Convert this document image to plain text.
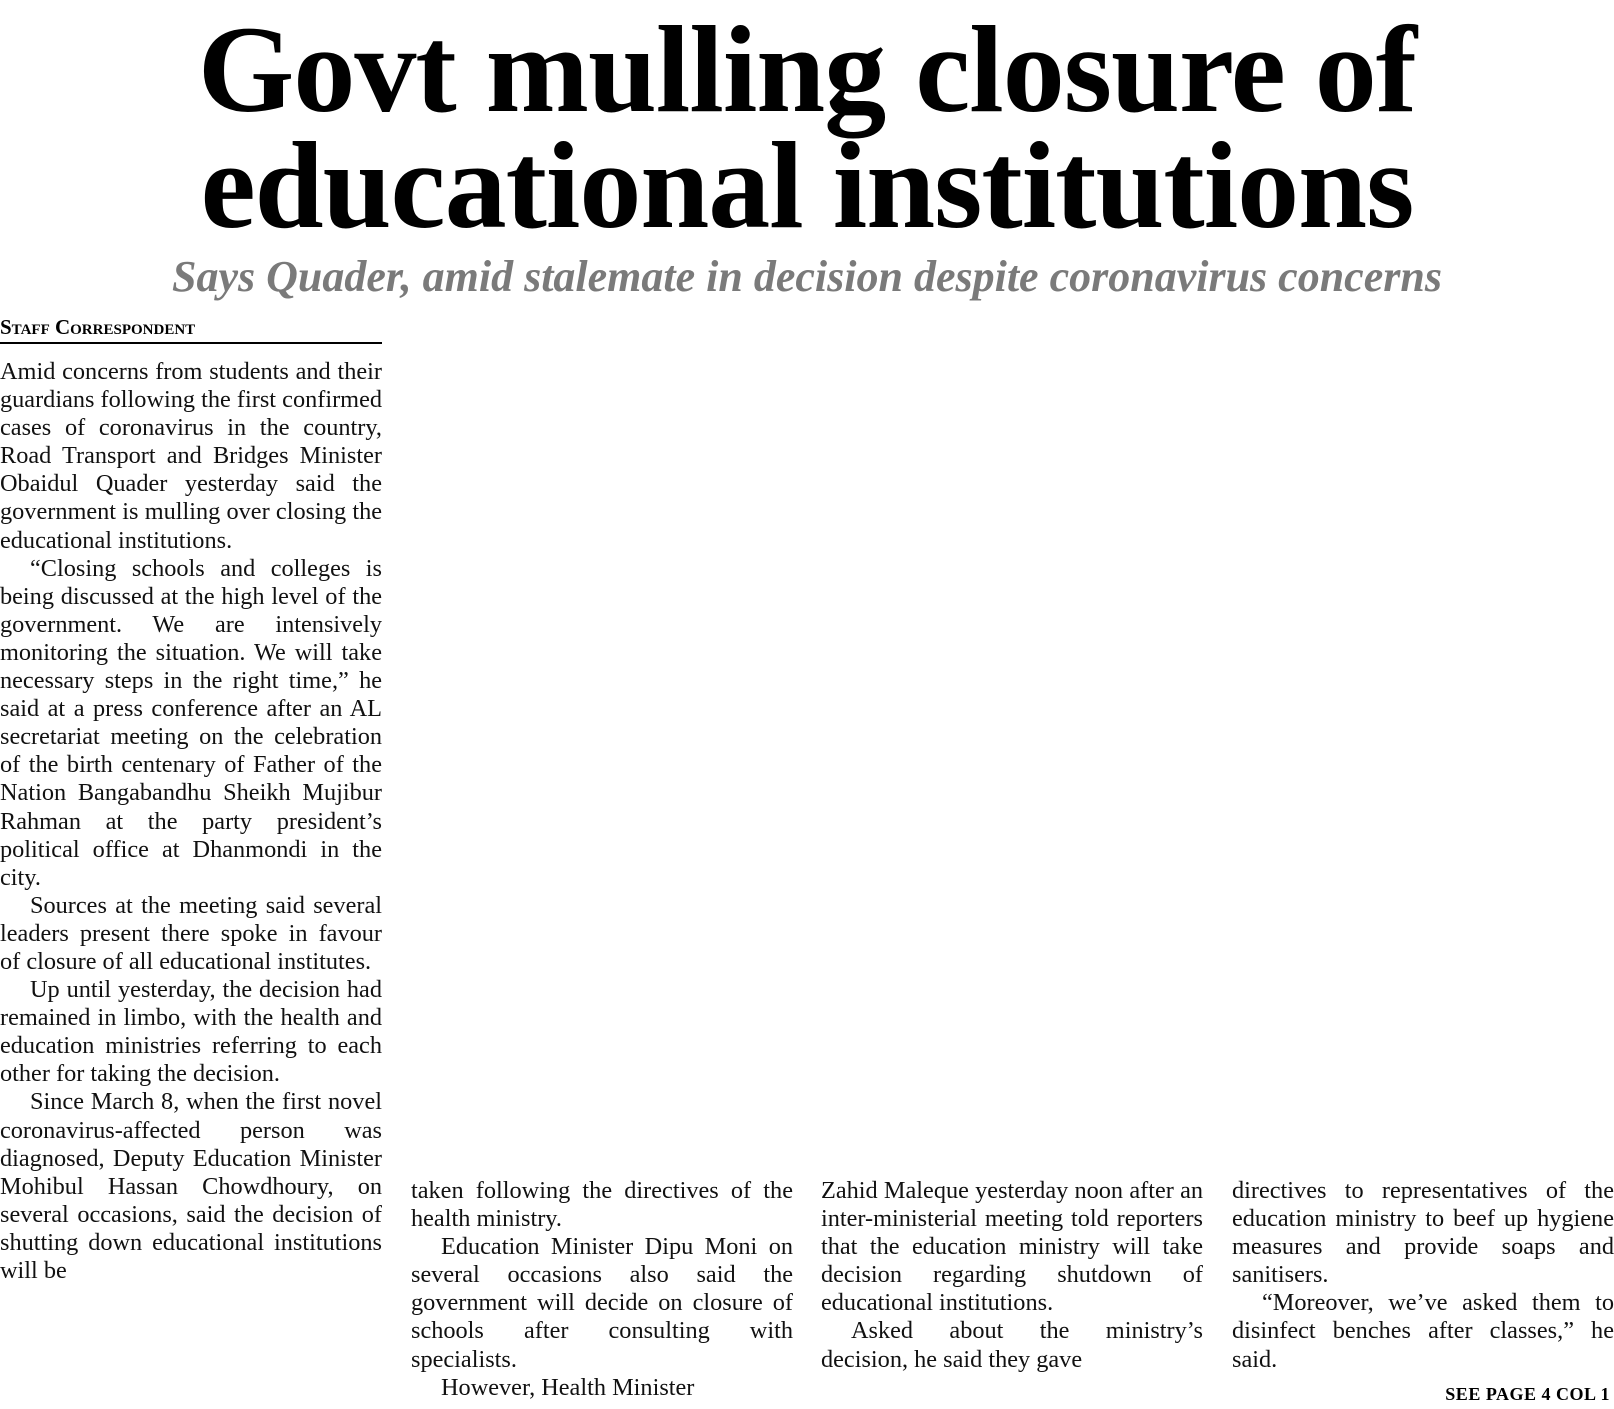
Govt mulling closure of
educational institutions
Says Quader, amid stalemate in decision despite coronavirus concerns
Staff Correspondent

Amid concerns from students and their guardians following the first confirmed cases of coronavirus in the country, Road Transport and Bridges Minister Obaidul Quader yesterday said the government is mulling over closing the educational institutions.

“Closing schools and colleges is being discussed at the high level of the government. We are intensively monitoring the situation. We will take necessary steps in the right time,” he said at a press conference after an AL secretariat meeting on the celebration of the birth centenary of Father of the Nation Bangabandhu Sheikh Mujibur Rahman at the party president’s political office at Dhanmondi in the city.

Sources at the meeting said several leaders present there spoke in favour of closure of all educational institutes.

Up until yesterday, the decision had remained in limbo, with the health and education ministries referring to each other for taking the decision.

Since March 8, when the first novel coronavirus-affected person was diagnosed, Deputy Education Minister Mohibul Hassan Chowdhoury, on several occasions, said the decision of shutting down educational institutions will be

taken following the directives of the health ministry.

Education Minister Dipu Moni on several occasions also said the government will decide on closure of schools after consulting with specialists.

However, Health Minister

Zahid Maleque yesterday noon after an inter-ministerial meeting told reporters that the education ministry will take decision regarding shutdown of educational institutions.

Asked about the ministry’s decision, he said they gave

directives to representatives of the education ministry to beef up hygiene measures and provide soaps and sanitisers.

“Moreover, we’ve asked them to disinfect benches after classes,” he said.

SEE PAGE 4 COL 1
